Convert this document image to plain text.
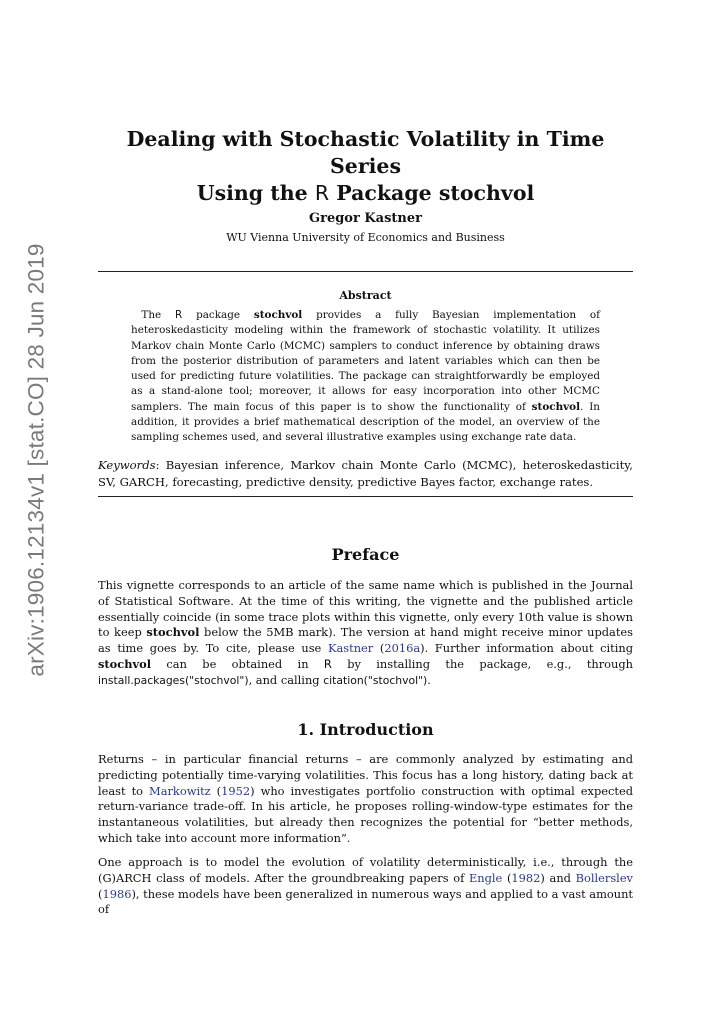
arXiv:1906.12134v1 [stat.CO] 28 Jun 2019
Dealing with Stochastic Volatility in Time Series
Using the R Package stochvol

Gregor Kastner

WU Vienna University of Economics and Business

Abstract

 The R package stochvol provides a fully Bayesian implementation of heteroskedasticity modeling within the framework of stochastic volatility. It utilizes Markov chain Monte Carlo (MCMC) samplers to conduct inference by obtaining draws from the posterior distribution of parameters and latent variables which can then be used for predicting future volatilities. The package can straightforwardly be employed as a stand-alone tool; moreover, it allows for easy incorporation into other MCMC samplers. The main focus of this paper is to show the functionality of stochvol. In addition, it provides a brief mathematical description of the model, an overview of the sampling schemes used, and several illustrative examples using exchange rate data.

Keywords: Bayesian inference, Markov chain Monte Carlo (MCMC), heteroskedasticity, SV, GARCH, forecasting, predictive density, predictive Bayes factor, exchange rates.

Preface

This vignette corresponds to an article of the same name which is published in the Journal of Statistical Software. At the time of this writing, the vignette and the published article essentially coincide (in some trace plots within this vignette, only every 10th value is shown to keep stochvol below the 5MB mark). The version at hand might receive minor updates as time goes by. To cite, please use Kastner (2016a). Further information about citing stochvol can be obtained in R by installing the package, e.g., through install.packages("stochvol"), and calling citation("stochvol").

1. Introduction

Returns – in particular financial returns – are commonly analyzed by estimating and predicting potentially time-varying volatilities. This focus has a long history, dating back at least to Markowitz (1952) who investigates portfolio construction with optimal expected return-variance trade-off. In his article, he proposes rolling-window-type estimates for the instantaneous volatilities, but already then recognizes the potential for “better methods, which take into account more information”.

One approach is to model the evolution of volatility deterministically, i.e., through the (G)ARCH class of models. After the groundbreaking papers of Engle (1982) and Bollerslev (1986), these models have been generalized in numerous ways and applied to a vast amount of
